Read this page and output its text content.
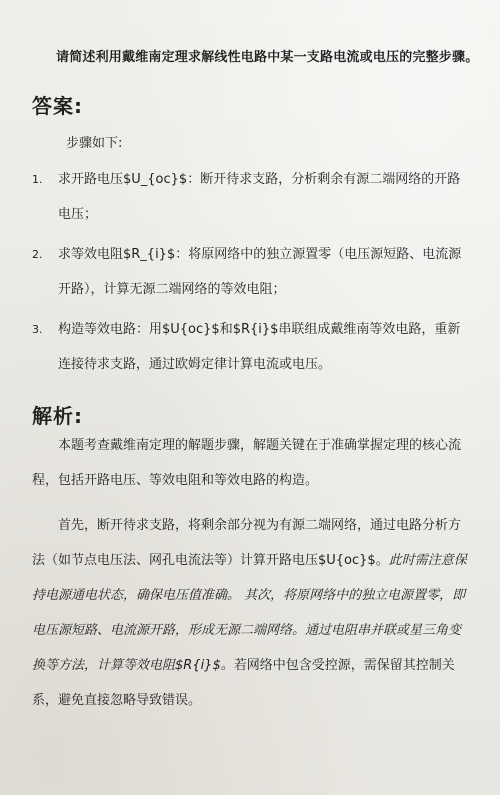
请简述利用戴维南定理求解线性电路中某一支路电流或电压的完整步骤。
答案:
步骤如下:
1. 求开路电压$U_{oc}$：断开待求支路，分析剩余有源二端网络的开路电压；
2. 求等效电阻$R_{i}$：将原网络中的独立源置零（电压源短路、电流源开路），计算无源二端网络的等效电阻；
3. 构造等效电路：用$U{oc}$和$R{i}$串联组成戴维南等效电路，重新连接待求支路，通过欧姆定律计算电流或电压。
解析:

本题考查戴维南定理的解题步骤，解题关键在于准确掌握定理的核心流程，包括开路电压、等效电阻和等效电路的构造。

首先，断开待求支路，将剩余部分视为有源二端网络，通过电路分析方法（如节点电压法、网孔电流法等）计算开路电压$U{oc}$。此时需注意保持电源通电状态，确保电压值准确。 其次，将原网络中的独立电源置零，即电压源短路、电流源开路，形成无源二端网络。通过电阻串并联或星三角变换等方法，计算等效电阻$R{i}$。若网络中包含受控源，需保留其控制关系，避免直接忽略导致错误。
